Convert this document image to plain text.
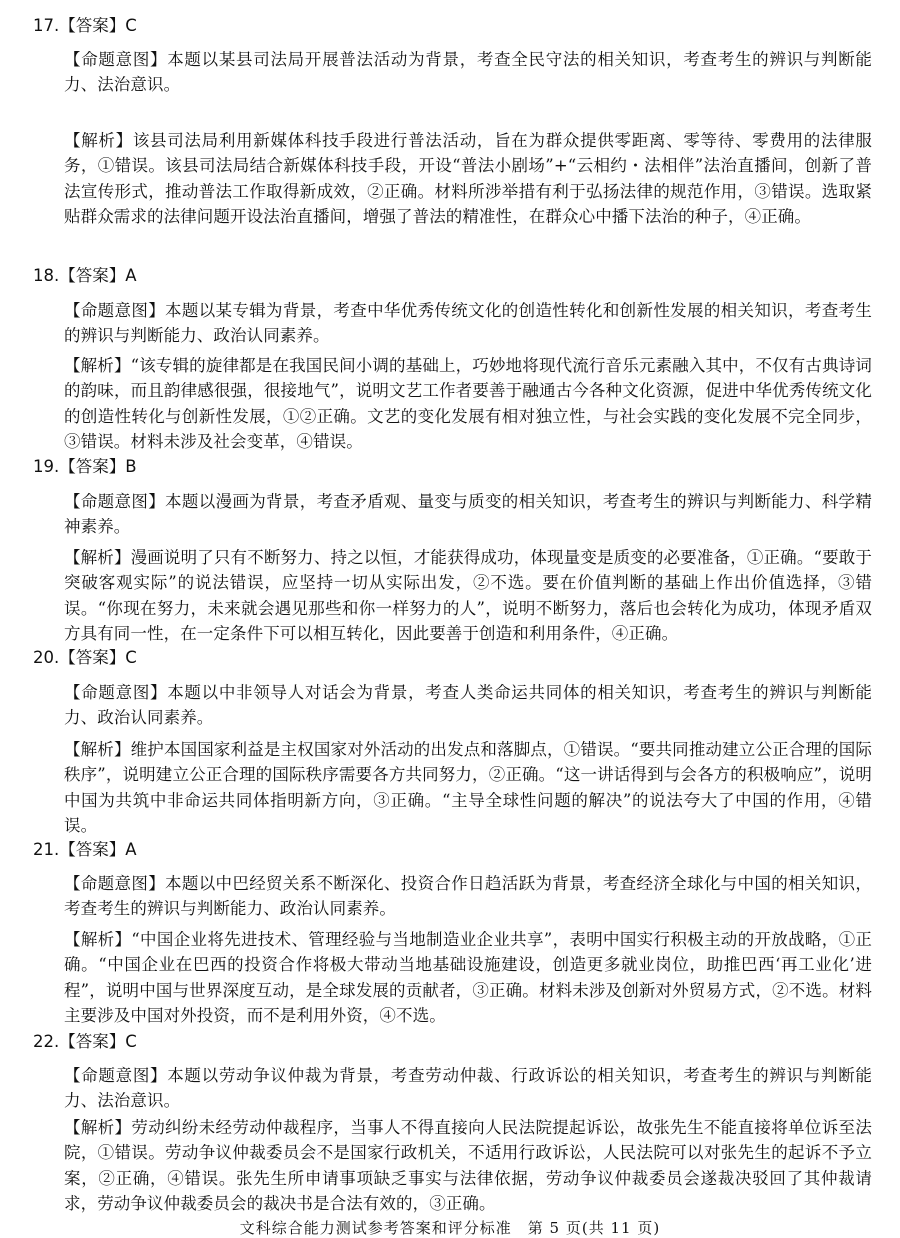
17.【答案】C
【命题意图】本题以某县司法局开展普法活动为背景，考查全民守法的相关知识，考查考生的辨识与判断能力、法治意识。
【解析】该县司法局利用新媒体科技手段进行普法活动，旨在为群众提供零距离、零等待、零费用的法律服务，①错误。该县司法局结合新媒体科技手段，开设“普法小剧场”+“云相约・法相伴”法治直播间，创新了普法宣传形式，推动普法工作取得新成效，②正确。材料所涉举措有利于弘扬法律的规范作用，③错误。选取紧贴群众需求的法律问题开设法治直播间，增强了普法的精准性，在群众心中播下法治的种子，④正确。
18.【答案】A
【命题意图】本题以某专辑为背景，考查中华优秀传统文化的创造性转化和创新性发展的相关知识，考查考生的辨识与判断能力、政治认同素养。
【解析】“该专辑的旋律都是在我国民间小调的基础上，巧妙地将现代流行音乐元素融入其中，不仅有古典诗词的韵味，而且韵律感很强，很接地气”，说明文艺工作者要善于融通古今各种文化资源，促进中华优秀传统文化的创造性转化与创新性发展，①②正确。文艺的变化发展有相对独立性，与社会实践的变化发展不完全同步，③错误。材料未涉及社会变革，④错误。
19.【答案】B
【命题意图】本题以漫画为背景，考查矛盾观、量变与质变的相关知识，考查考生的辨识与判断能力、科学精神素养。
【解析】漫画说明了只有不断努力、持之以恒，才能获得成功，体现量变是质变的必要准备，①正确。“要敢于突破客观实际”的说法错误，应坚持一切从实际出发，②不选。要在价值判断的基础上作出价值选择，③错误。“你现在努力，未来就会遇见那些和你一样努力的人”，说明不断努力，落后也会转化为成功，体现矛盾双方具有同一性，在一定条件下可以相互转化，因此要善于创造和利用条件，④正确。
20.【答案】C
【命题意图】本题以中非领导人对话会为背景，考查人类命运共同体的相关知识，考查考生的辨识与判断能力、政治认同素养。
【解析】维护本国国家利益是主权国家对外活动的出发点和落脚点，①错误。“要共同推动建立公正合理的国际秩序”，说明建立公正合理的国际秩序需要各方共同努力，②正确。“这一讲话得到与会各方的积极响应”，说明中国为共筑中非命运共同体指明新方向，③正确。“主导全球性问题的解决”的说法夸大了中国的作用，④错误。
21.【答案】A
【命题意图】本题以中巴经贸关系不断深化、投资合作日趋活跃为背景，考查经济全球化与中国的相关知识，考查考生的辨识与判断能力、政治认同素养。
【解析】“中国企业将先进技术、管理经验与当地制造业企业共享”，表明中国实行积极主动的开放战略，①正确。“中国企业在巴西的投资合作将极大带动当地基础设施建设，创造更多就业岗位，助推巴西‘再工业化’进程”，说明中国与世界深度互动，是全球发展的贡献者，③正确。材料未涉及创新对外贸易方式，②不选。材料主要涉及中国对外投资，而不是利用外资，④不选。
22.【答案】C
【命题意图】本题以劳动争议仲裁为背景，考查劳动仲裁、行政诉讼的相关知识，考查考生的辨识与判断能力、法治意识。
【解析】劳动纠纷未经劳动仲裁程序，当事人不得直接向人民法院提起诉讼，故张先生不能直接将单位诉至法院，①错误。劳动争议仲裁委员会不是国家行政机关，不适用行政诉讼，人民法院可以对张先生的起诉不予立案，②正确，④错误。张先生所申请事项缺乏事实与法律依据，劳动争议仲裁委员会遂裁决驳回了其仲裁请求，劳动争议仲裁委员会的裁决书是合法有效的，③正确。
文科综合能力测试参考答案和评分标准　第 5 页(共 11 页)
